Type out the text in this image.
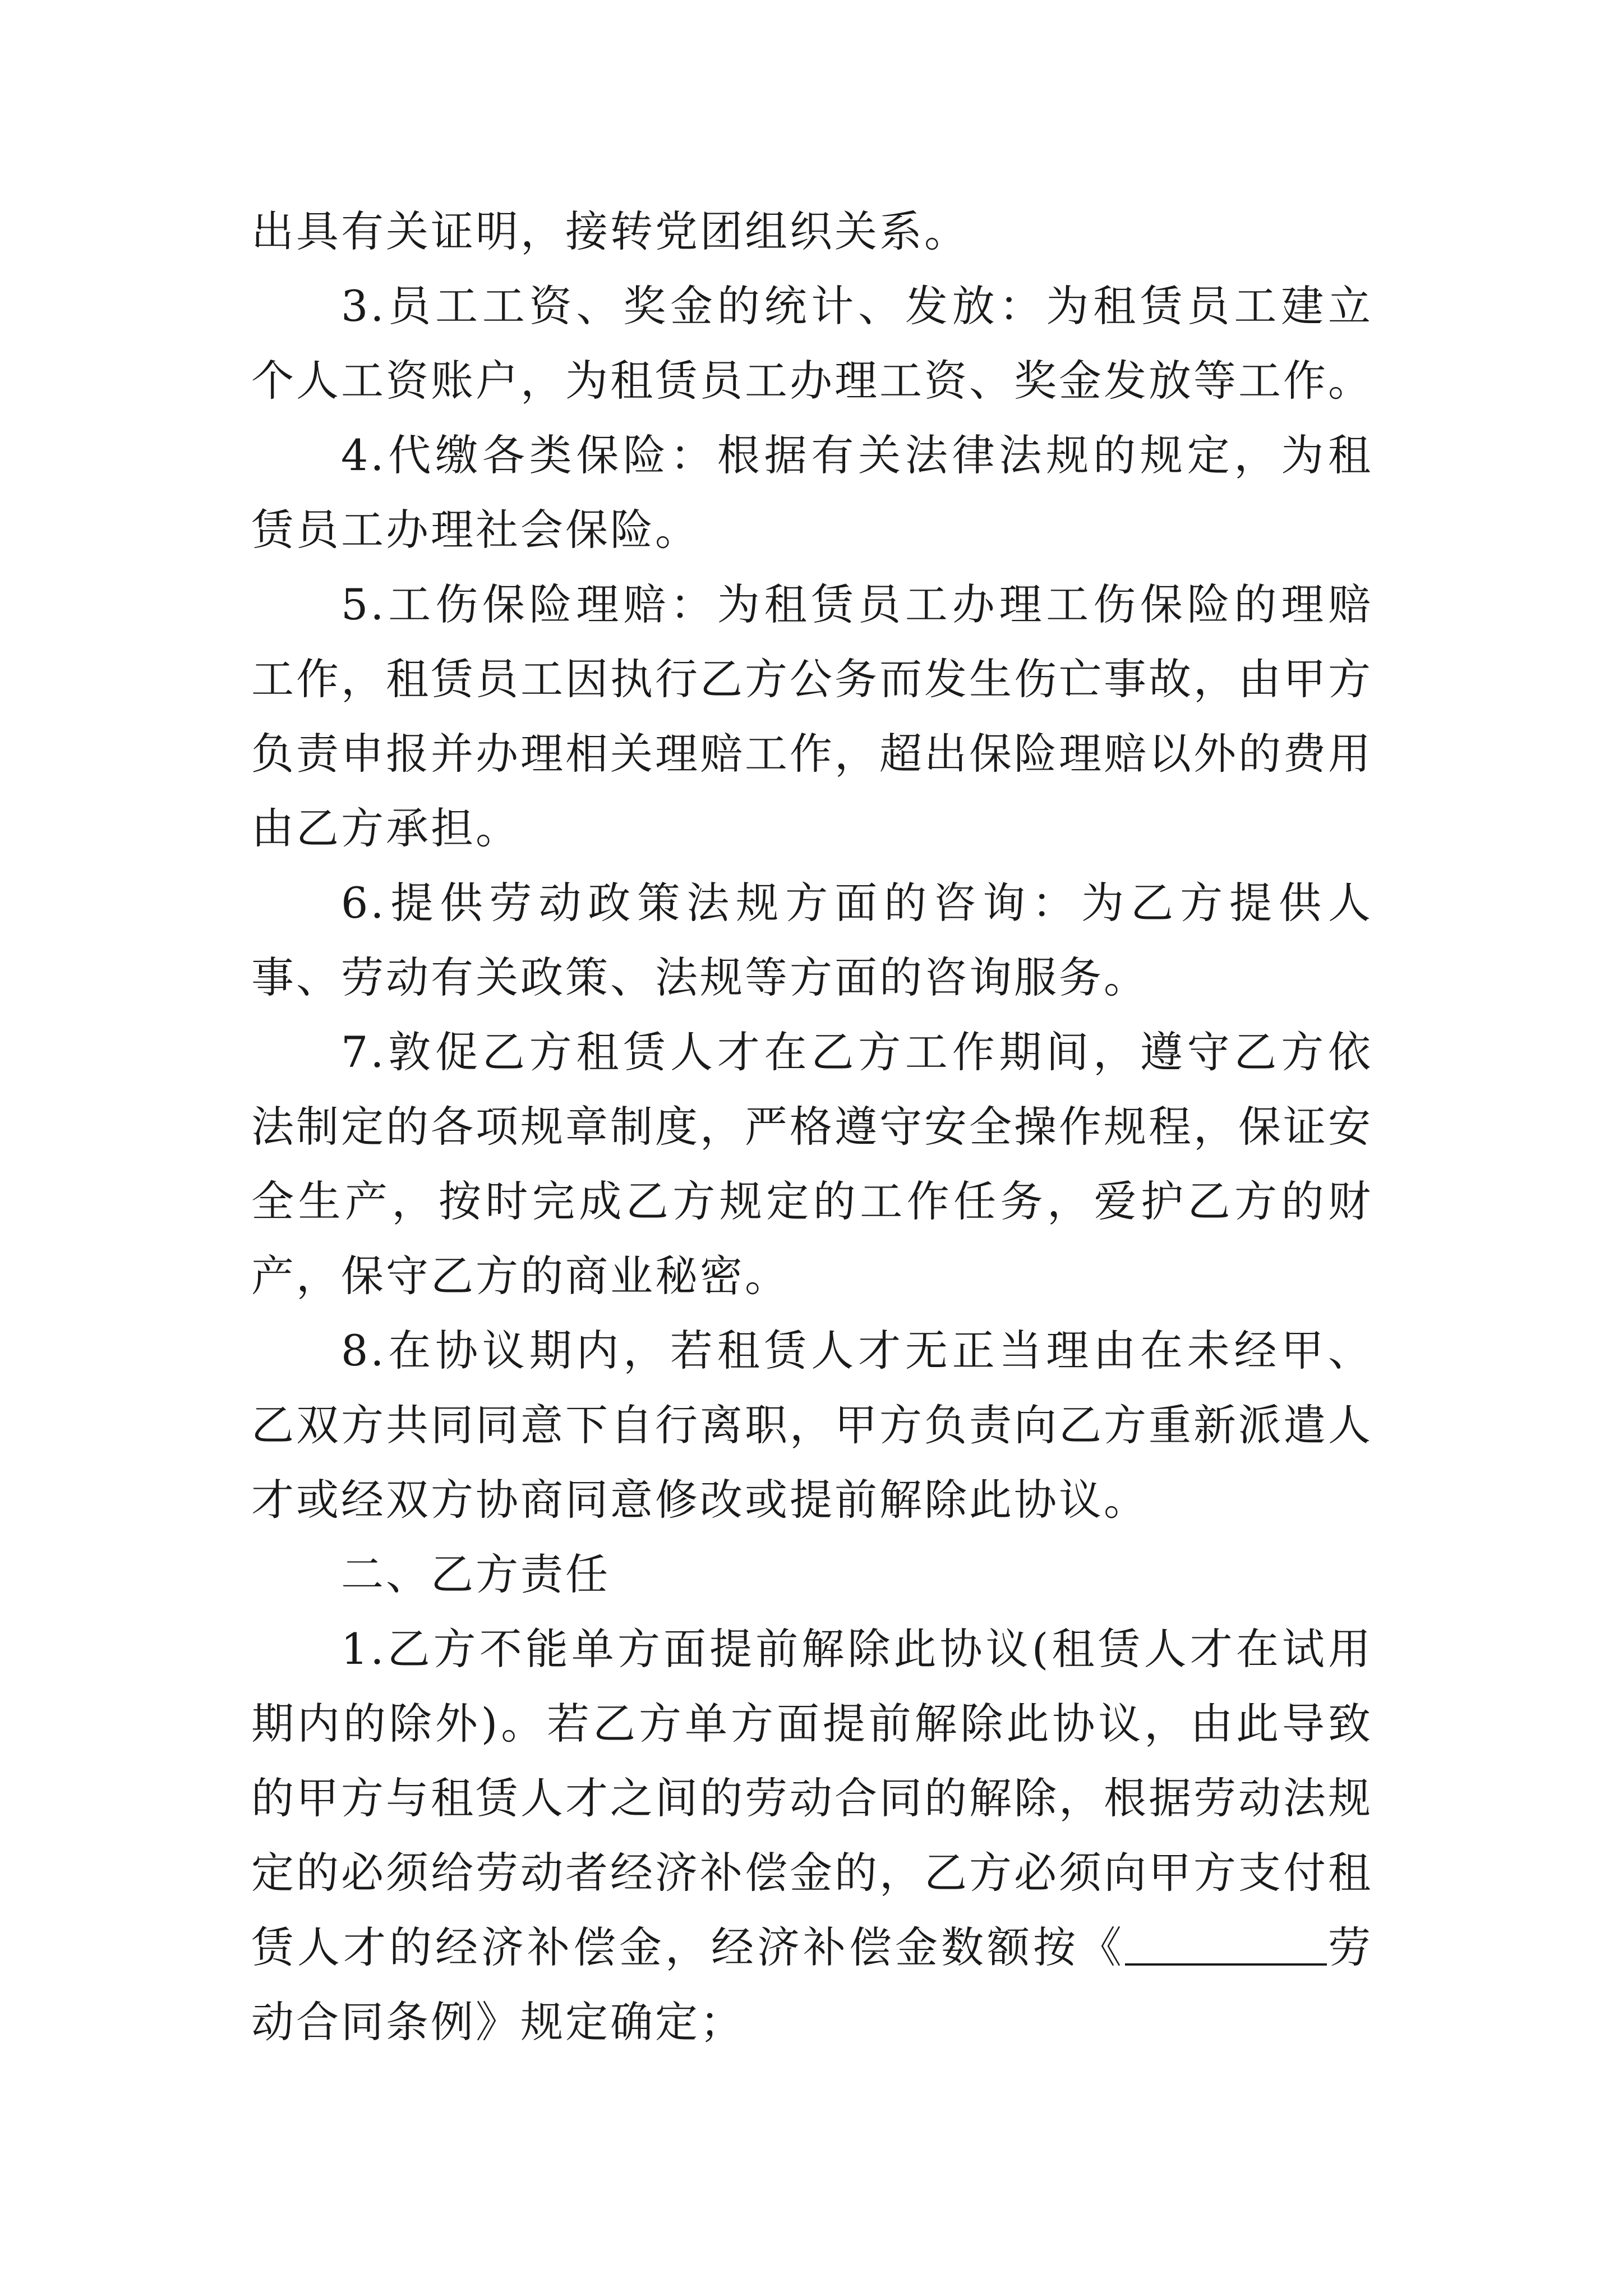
出具有关证明，接转党团组织关系。

3.员工工资、奖金的统计、发放：为租赁员工建立个人工资账户，为租赁员工办理工资、奖金发放等工作。

4.代缴各类保险：根据有关法律法规的规定，为租赁员工办理社会保险。

5.工伤保险理赔：为租赁员工办理工伤保险的理赔工作，租赁员工因执行乙方公务而发生伤亡事故，由甲方负责申报并办理相关理赔工作，超出保险理赔以外的费用由乙方承担。

6.提供劳动政策法规方面的咨询：为乙方提供人事、劳动有关政策、法规等方面的咨询服务。

7.敦促乙方租赁人才在乙方工作期间，遵守乙方依法制定的各项规章制度，严格遵守安全操作规程，保证安全生产，按时完成乙方规定的工作任务，爱护乙方的财产，保守乙方的商业秘密。

8.在协议期内，若租赁人才无正当理由在未经甲、乙双方共同同意下自行离职，甲方负责向乙方重新派遣人才或经双方协商同意修改或提前解除此协议。

二、乙方责任

1.乙方不能单方面提前解除此协议(租赁人才在试用期内的除外)。若乙方单方面提前解除此协议，由此导致的甲方与租赁人才之间的劳动合同的解除，根据劳动法规定的必须给劳动者经济补偿金的，乙方必须向甲方支付租赁人才的经济补偿金，经济补偿金数额按《	劳动合同条例》规定确定；
